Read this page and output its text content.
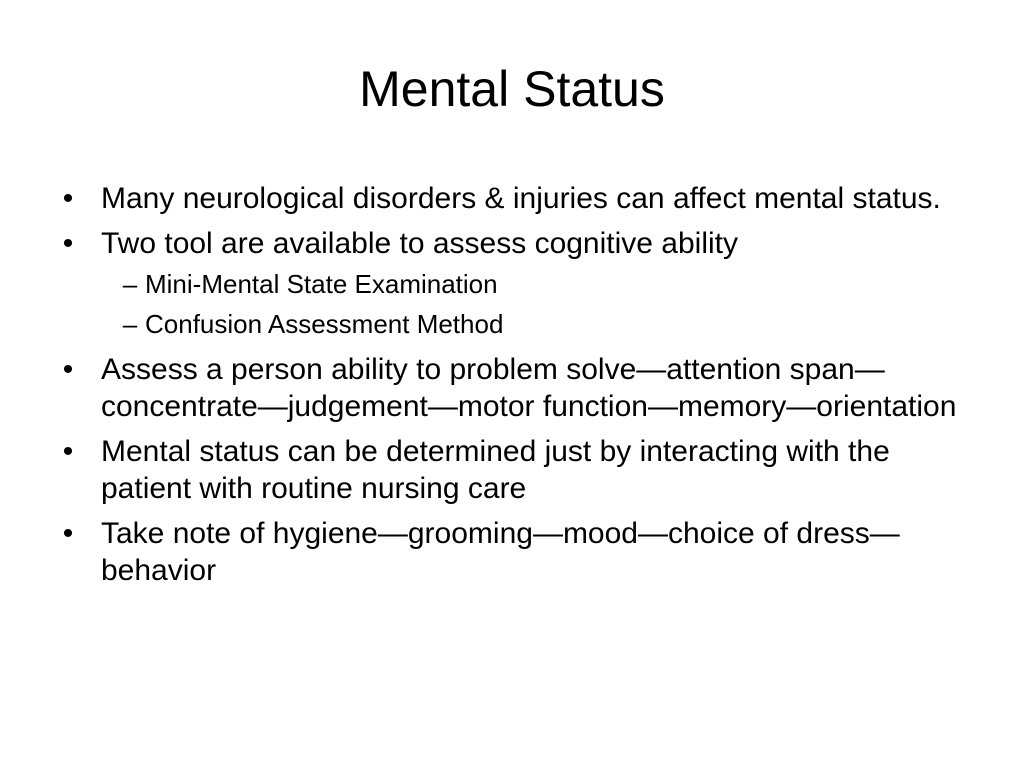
Mental Status
• Many neurological disorders & injuries can affect mental status.
• Two tool are available to assess cognitive ability
– Mini-Mental State Examination
– Confusion Assessment Method
• Assess a person ability to problem solve—attention span—concentrate—judgement—motor function—memory—orientation
• Mental status can be determined just by interacting with the patient with routine nursing care
• Take note of hygiene—grooming—mood—choice of dress—behavior
